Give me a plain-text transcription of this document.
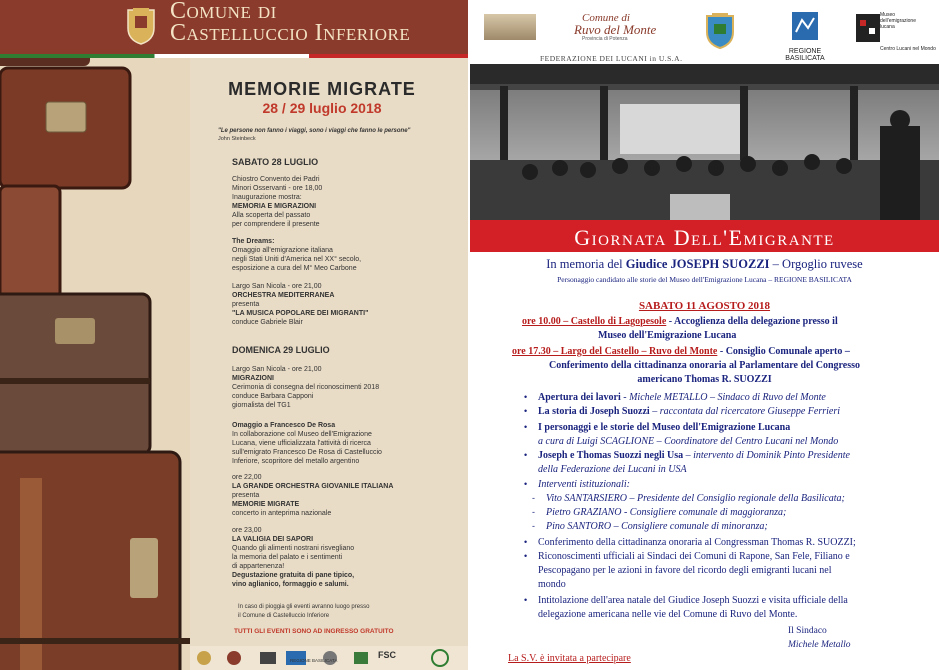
Comune di
Castelluccio Inferiore
MEMORIE MIGRATE
28 / 29 luglio 2018
"Le persone non fanno i viaggi, sono i viaggi che fanno le persone"
John Steinbeck
SABATO 28 LUGLIO
Chiostro Convento dei Padri
Minori Osservanti - ore 18,00
Inaugurazione mostra:
MEMORIA E MIGRAZIONI
Alla scoperta del passato
per comprendere il presente
The Dreams:
Omaggio all'emigrazione italiana
negli Stati Uniti d'America nel XX° secolo,
esposizione a cura del M° Meo Carbone
Largo San Nicola - ore 21,00
ORCHESTRA MEDITERRANEA
presenta
"LA MUSICA POPOLARE DEI MIGRANTI"
conduce Gabriele Blair
DOMENICA 29 LUGLIO
Largo San Nicola - ore 21,00
MIGRAZIONI
Cerimonia di consegna del riconoscimenti 2018
conduce Barbara Capponi
giornalista del TG1
Omaggio a Francesco De Rosa
In collaborazione col Museo dell'Emigrazione
Lucana, viene ufficializzata l'attività di ricerca
sull'emigrato Francesco De Rosa di Castelluccio
Inferiore, scopritore del metallo argentino
ore 22,00
LA GRANDE ORCHESTRA GIOVANILE ITALIANA
presenta
MEMORIE MIGRATE
concerto in anteprima nazionale
ore 23,00
LA VALIGIA DEI SAPORI
Quando gli alimenti nostrani risvegliano
la memoria del palato e i sentimenti
di appartenenza!
Degustazione gratuita di pane tipico,
vino aglianico, formaggio e salumi.
In caso di pioggia gli eventi avranno luogo presso
il Comune di Castelluccio Inferiore
TUTTI GLI EVENTI SONO AD INGRESSO GRATUITO
REGIONE BASILICATA
FSC
Comune di
Ruvo del Monte
Provincia di Potenza
FEDERAZIONE DEI LUCANI in U.S.A.
REGIONE BASILICATA
Museo dell'emigrazione lucana
Centro Lucani nel Mondo
Giornata Dell'Emigrante
In memoria del Giudice JOSEPH SUOZZI – Orgoglio ruvese
Personaggio candidato alle storie del Museo dell'Emigrazione Lucana – REGIONE BASILICATA
SABATO 11 AGOSTO 2018
ore 10.00 – Castello di Lagopesole - Accoglienza della delegazione presso il
Museo dell'Emigrazione Lucana
ore 17.30 – Largo del Castello – Ruvo del Monte - Consiglio Comunale aperto –
Conferimento della cittadinanza onoraria al Parlamentare del Congresso
americano Thomas R. SUOZZI
• Apertura dei lavori - Michele METALLO – Sindaco di Ruvo del Monte
• La storia di Joseph Suozzi – raccontata dal ricercatore Giuseppe Ferrieri
• I personaggi e le storie del Museo dell'Emigrazione Lucana
a cura di Luigi SCAGLIONE – Coordinatore del Centro Lucani nel Mondo
• Joseph e Thomas Suozzi negli Usa – intervento di Dominik Pinto Presidente
della Federazione dei Lucani in USA
• Interventi istituzionali:
- Vito SANTARSIERO – Presidente del Consiglio regionale della Basilicata;
- Pietro GRAZIANO - Consigliere comunale di maggioranza;
- Pino SANTORO – Consigliere comunale di minoranza;
• Conferimento della cittadinanza onoraria al Congressman Thomas R. SUOZZI;
• Riconoscimenti ufficiali ai Sindaci dei Comuni di Rapone, San Fele, Filiano e
Pescopagano per le azioni in favore del ricordo degli emigranti lucani nel
mondo
• Intitolazione dell'area natale del Giudice Joseph Suozzi e visita ufficiale della
delegazione americana nelle vie del Comune di Ruvo del Monte.
Il Sindaco
Michele Metallo
La S.V. è invitata a partecipare
